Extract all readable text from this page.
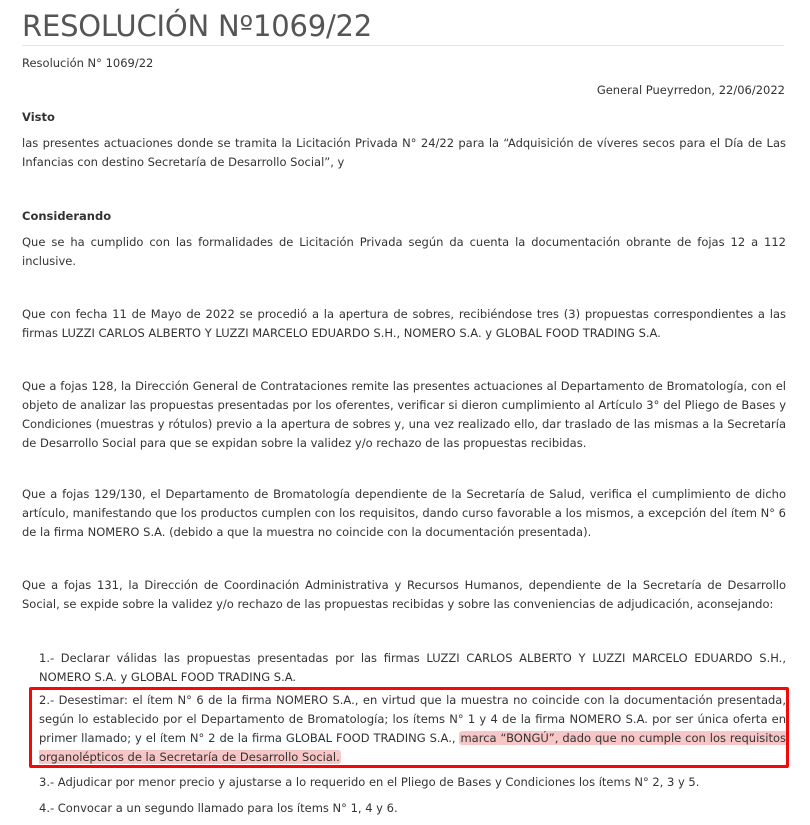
RESOLUCIÓN Nº1069/22
Resolución N° 1069/22
General Pueyrredon, 22/06/2022
Visto

las presentes actuaciones donde se tramita la Licitación Privada N° 24/22 para la “Adquisición de víveres secos para el Día de Las Infancias con destino Secretaría de Desarrollo Social”, y

Considerando

Que se ha cumplido con las formalidades de Licitación Privada según da cuenta la documentación obrante de fojas 12 a 112 inclusive.

Que con fecha 11 de Mayo de 2022 se procedió a la apertura de sobres, recibiéndose tres (3) propuestas correspondientes a las firmas LUZZI CARLOS ALBERTO Y LUZZI MARCELO EDUARDO S.H., NOMERO S.A. y GLOBAL FOOD TRADING S.A.

Que a fojas 128, la Dirección General de Contrataciones remite las presentes actuaciones al Departamento de Bromatología, con el objeto de analizar las propuestas presentadas por los oferentes, verificar si dieron cumplimiento al Artículo 3° del Pliego de Bases y Condiciones (muestras y rótulos) previo a la apertura de sobres y, una vez realizado ello, dar traslado de las mismas a la Secretaría de Desarrollo Social para que se expidan sobre la validez y/o rechazo de las propuestas recibidas.

Que a fojas 129/130, el Departamento de Bromatología dependiente de la Secretaría de Salud, verifica el cumplimiento de dicho artículo, manifestando que los productos cumplen con los requisitos, dando curso favorable a los mismos, a excepción del ítem N° 6 de la firma NOMERO S.A. (debido a que la muestra no coincide con la documentación presentada).

Que a fojas 131, la Dirección de Coordinación Administrativa y Recursos Humanos, dependiente de la Secretaría de Desarrollo Social, se expide sobre la validez y/o rechazo de las propuestas recibidas y sobre las conveniencias de adjudicación, aconsejando:

1.- Declarar válidas las propuestas presentadas por las firmas LUZZI CARLOS ALBERTO Y LUZZI MARCELO EDUARDO S.H., NOMERO S.A. y GLOBAL FOOD TRADING S.A.

2.- Desestimar: el ítem N° 6 de la firma NOMERO S.A., en virtud que la muestra no coincide con la documentación presentada, según lo establecido por el Departamento de Bromatología; los ítems N° 1 y 4 de la firma NOMERO S.A. por ser única oferta en primer llamado; y el ítem N° 2 de la firma GLOBAL FOOD TRADING S.A., marca “BONGÚ”, dado que no cumple con los requisitos organolépticos de la Secretaría de Desarrollo Social.

3.- Adjudicar por menor precio y ajustarse a lo requerido en el Pliego de Bases y Condiciones los ítems N° 2, 3 y 5.

4.- Convocar a un segundo llamado para los ítems N° 1, 4 y 6.
